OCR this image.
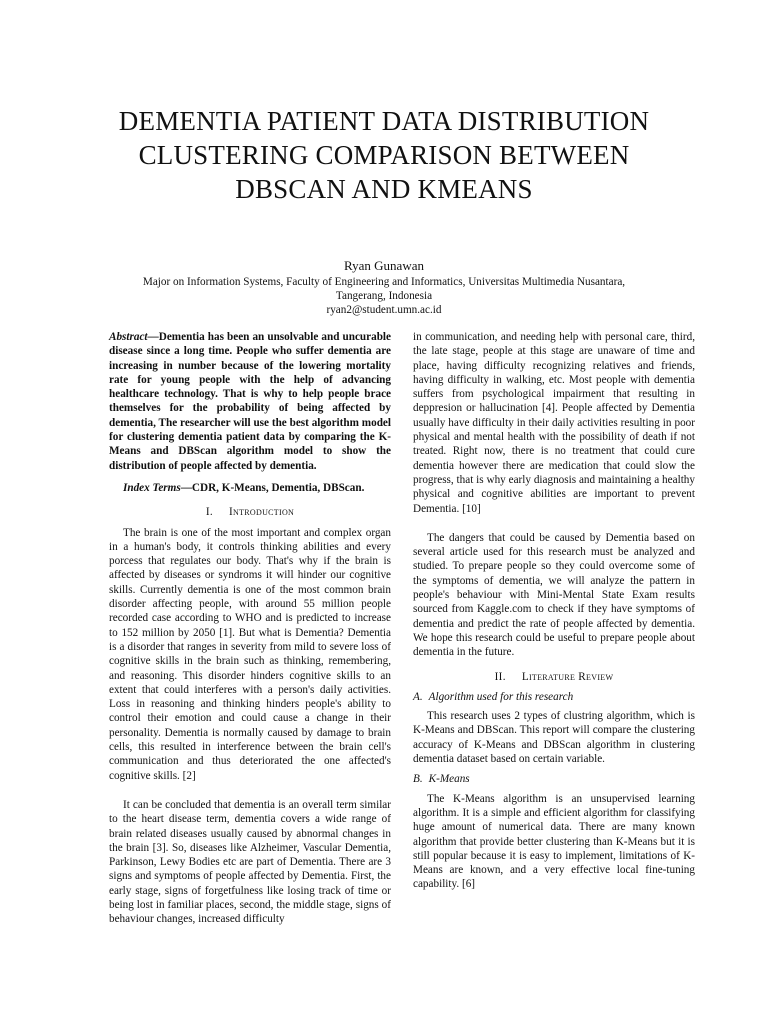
DEMENTIA PATIENT DATA DISTRIBUTION CLUSTERING COMPARISON BETWEEN DBSCAN AND KMEANS
Ryan Gunawan
Major on Information Systems, Faculty of Engineering and Informatics, Universitas Multimedia Nusantara,
Tangerang, Indonesia
ryan2@student.umn.ac.id

Abstract—Dementia has been an unsolvable and uncurable disease since a long time. People who suffer dementia are increasing in number because of the lowering mortality rate for young people with the help of advancing healthcare technology. That is why to help people brace themselves for the probability of being affected by dementia, The researcher will use the best algorithm model for clustering dementia patient data by comparing the K-Means and DBScan algorithm model to show the distribution of people affected by dementia.

Index Terms—CDR, K-Means, Dementia, DBScan.

I. Introduction

The brain is one of the most important and complex organ in a human's body, it controls thinking abilities and every porcess that regulates our body. That's why if the brain is affected by diseases or syndroms it will hinder our cognitive skills. Currently dementia is one of the most common brain disorder affecting people, with around 55 million people recorded case according to WHO and is predicted to increase to 152 million by 2050 [1]. But what is Dementia? Dementia is a disorder that ranges in severity from mild to severe loss of cognitive skills in the brain such as thinking, remembering, and reasoning. This disorder hinders cognitive skills to an extent that could interferes with a person's daily activities. Loss in reasoning and thinking hinders people's ability to control their emotion and could cause a change in their personality. Dementia is normally caused by damage to brain cells, this resulted in interference between the brain cell's communication and thus deteriorated the one affected's cognitive skills. [2]

It can be concluded that dementia is an overall term similar to the heart disease term, dementia covers a wide range of brain related diseases usually caused by abnormal changes in the brain [3]. So, diseases like Alzheimer, Vascular Dementia, Parkinson, Lewy Bodies etc are part of Dementia. There are 3 signs and symptoms of people affected by Dementia. First, the early stage, signs of forgetfulness like losing track of time or being lost in familiar places, second, the middle stage, signs of behaviour changes, increased difficulty

in communication, and needing help with personal care, third, the late stage, people at this stage are unaware of time and place, having difficulty recognizing relatives and friends, having difficulty in walking, etc. Most people with dementia suffers from psychological impairment that resulting in deppresion or hallucination [4]. People affected by Dementia usually have difficulty in their daily activities resulting in poor physical and mental health with the possibility of death if not treated. Right now, there is no treatment that could cure dementia however there are medication that could slow the progress, that is why early diagnosis and maintaining a healthy physical and cognitive abilities are important to prevent Dementia. [10]

The dangers that could be caused by Dementia based on several article used for this research must be analyzed and studied. To prepare people so they could overcome some of the symptoms of dementia, we will analyze the pattern in people's behaviour with Mini-Mental State Exam results sourced from Kaggle.com to check if they have symptoms of dementia and predict the rate of people affected by dementia. We hope this research could be useful to prepare people about dementia in the future.

II. Literature Review
A. Algorithm used for this research

This research uses 2 types of clustring algorithm, which is K-Means and DBScan. This report will compare the clustering accuracy of K-Means and DBScan algorithm in clustering dementia dataset based on certain variable.

B. K-Means

The K-Means algorithm is an unsupervised learning algorithm. It is a simple and efficient algorithm for classifying huge amount of numerical data. There are many known algorithm that provide better clustering than K-Means but it is still popular because it is easy to implement, limitations of K-Means are known, and a very effective local fine-tuning capability. [6]
